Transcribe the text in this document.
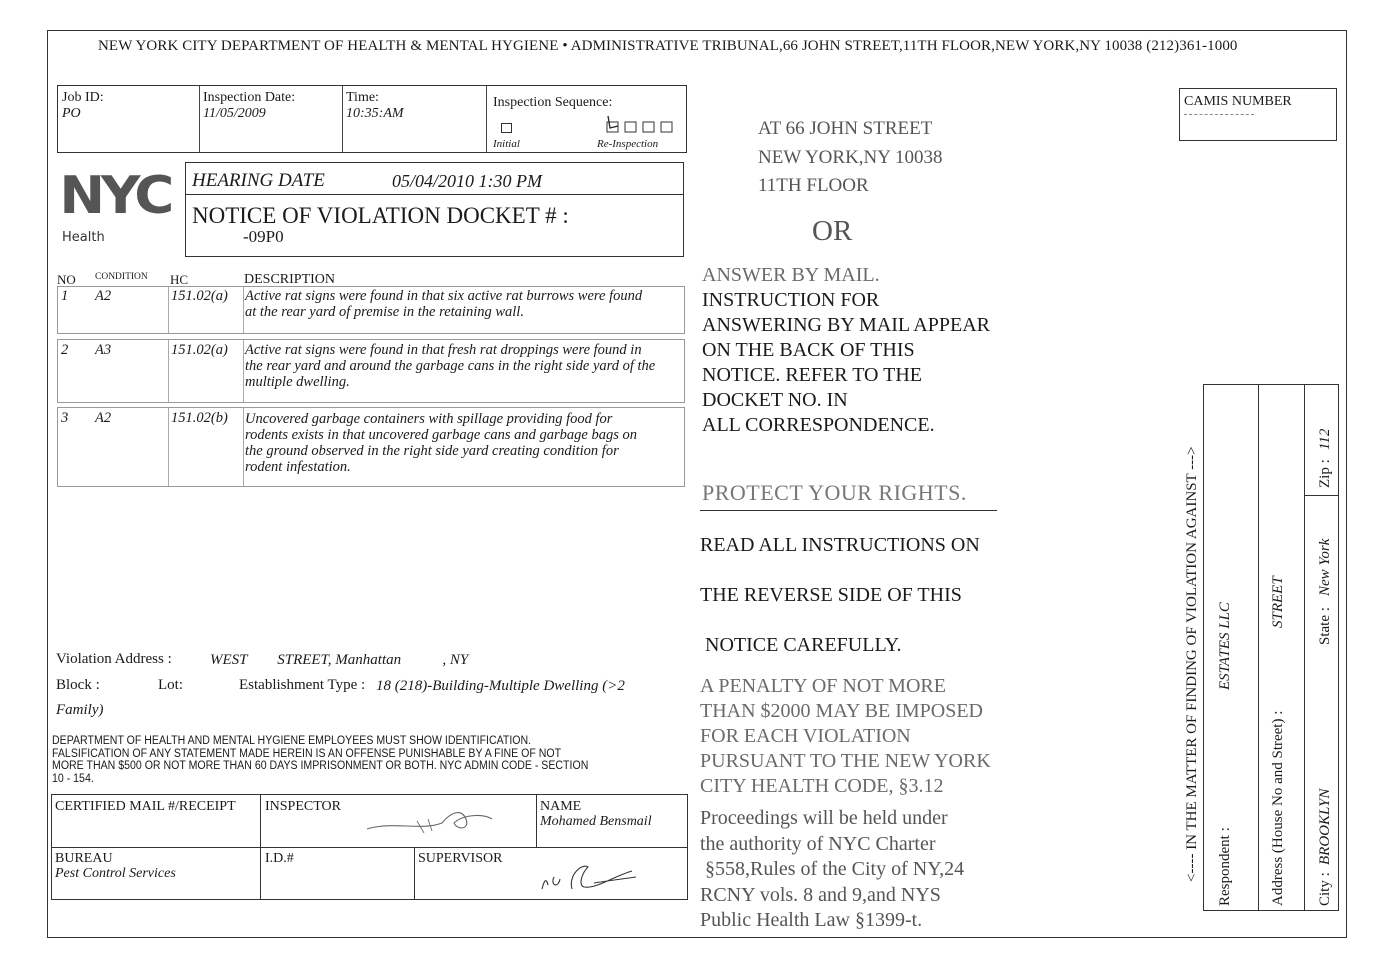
NEW YORK CITY DEPARTMENT OF HEALTH & MENTAL HYGIENE • ADMINISTRATIVE TRIBUNAL,66 JOHN STREET,11TH FLOOR,NEW YORK,NY 10038 (212)361-1000
Job ID:
PO
Inspection Date:
11/05/2009
Time:
10:35:AM
Inspection Sequence:
Initial	Re-Inspection
NYC
Health
HEARING DATE	05/04/2010 1:30 PM
NOTICE OF VIOLATION DOCKET # :
-09P0
NO CONDITION HC	DESCRIPTION
1 A2	151.02(a) Active rat signs were found in that six active rat burrows were found
at the rear yard of premise in the retaining wall.
2 A3	151.02(a) Active rat signs were found in that fresh rat droppings were found in
the rear yard and around the garbage cans in the right side yard of the
multiple dwelling.
3 A2	151.02(b) Uncovered garbage containers with spillage providing food for
rodents exists in that uncovered garbage cans and garbage bags on
the ground observed in the right side yard creating condition for
rodent infestation.
Violation Address :	WEST        STREET, Manhattan           , NY
Block :	Lot:	Establishment Type : 18 (218)-Building-Multiple Dwelling (>2
Family)
DEPARTMENT OF HEALTH AND MENTAL HYGIENE EMPLOYEES MUST SHOW IDENTIFICATION.
FALSIFICATION OF ANY STATEMENT MADE HEREIN IS AN OFFENSE PUNISHABLE BY A FINE OF NOT
MORE THAN $500 OR NOT MORE THAN 60 DAYS IMPRISONMENT OR BOTH. NYC ADMIN CODE - SECTION
10 - 154.
CERTIFIED MAIL #/RECEIPT INSPECTOR	NAME
Mohamed Bensmail
BUREAU
Pest Control Services
I.D.#	SUPERVISOR
AT 66 JOHN STREET
NEW YORK,NY 10038
11TH FLOOR
OR
ANSWER BY MAIL.
INSTRUCTION FOR
ANSWERING BY MAIL APPEAR
ON THE BACK OF THIS
NOTICE. REFER TO THE
DOCKET NO. IN
ALL CORRESPONDENCE.
PROTECT YOUR RIGHTS.
READ ALL INSTRUCTIONS ON
THE REVERSE SIDE OF THIS
NOTICE CAREFULLY.
A PENALTY OF NOT MORE
THAN $2000 MAY BE IMPOSED
FOR EACH VIOLATION
PURSUANT TO THE NEW YORK
CITY HEALTH CODE, §3.12
Proceedings will be held under
the authority of NYC Charter
§558,Rules of the City of NY,24
RCNY vols. 8 and 9,and NYS
Public Health Law §1399-t.
CAMIS NUMBER
<---- IN THE MATTER OF FINDING OF VIOLATION AGAINST ---> Respondent :
ESTATES LLC
Address (House No and Street) :
STREET
City :
BROOKLYN
State :
New York
Zip :
112
